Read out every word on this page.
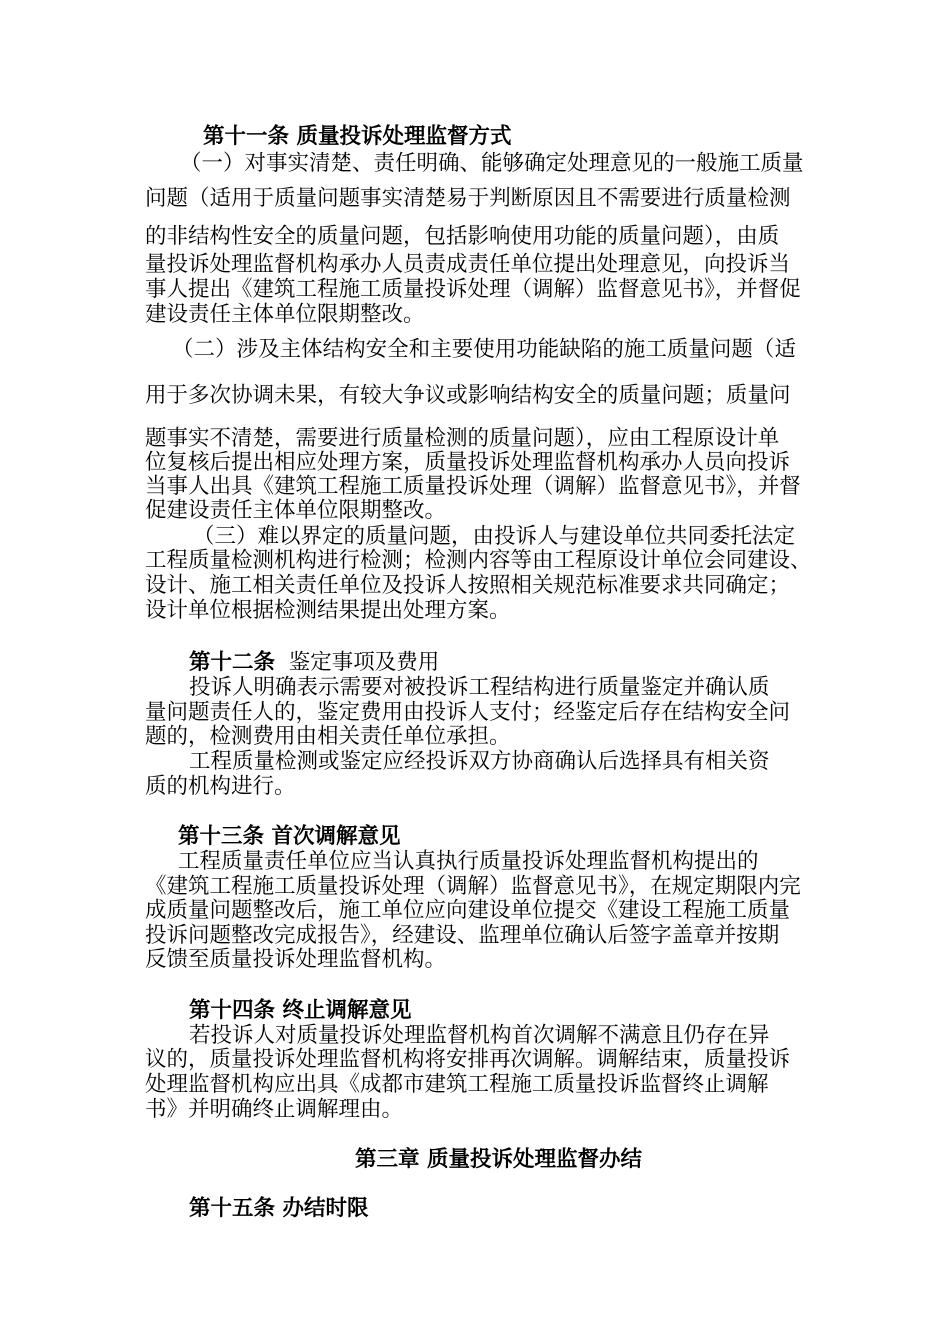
第十一条 质量投诉处理监督方式
（一）对事实清楚、责任明确、能够确定处理意见的一般施工质量
问题（适
用
于
质量问题事实清楚易于判断原因且不需要进行质量检测
的非结构性安全的质量问题，包括影响使用功能的质量问题），由质
量投诉处理监督机构承办人员责成责任单位提出处理意见，向投诉当
事人提出《建筑工程施工质量投诉处理（调解）监督意见书》，并督促
建设责任主体单位限期整改。
（二）涉及主体结构安全和主要使用功能缺陷的施工质量问题（适
用
于
多次协调未果，有较大争议或影响结构安全的质量问题；质量问
题事实不清楚，需要进行质量检测的质量问题），应由工程原设计单
位复核后提出相应处理方案，质量投诉处理监督机构承办人员向投诉
当事人出具《建筑工程施工质量投诉处理（调解）监督意见书》，并督
促建设责任主体单位限期整改。
（三）难以界定的质量问题，由投诉人与建设单位共同委托法定
工程质量检测机构进行检测；检测内容等由工程原设计单位会同建设、
设计、施工相关责任单位及投诉人按照相关规范标准要求共同确定；
设计单位根据检测结果提出处理方案。
第十二条 鉴定事项及费用
投诉人明确表示需要对被投诉工程结构进行质量鉴定并确认质
量问题责任人的，鉴定费用由投诉人支付；经鉴定后存在结构安全问
题的，检测费用由相关责任单位承担。
工程质量检测或鉴定应经投诉双方协商确认后选择具有相关资
质的机构进行。
第十三条 首次调解意见
工程质量责任单位应当认真执行质量投诉处理监督机构提出的
《建筑工程施工质量投诉处理（调解）监督意见书》，在规定期限内完
成质量问题整改后，施工单位应向建设单位提交《建设工程施工质量
投诉问题整改完成报告》，经建设、监理单位确认后签字盖章并按期
反馈至质量投诉处理监督机构。
第十四条 终止调解意见
若投诉人对质量投诉处理监督机构首次调解不满意且仍存在异
议的，质量投诉处理监督机构将安排再次调解。调解结束，质量投诉
处理监督机构应出具《成都市建筑工程施工质量投诉监督终止调解
书》并明确终止调解理由。
第三章 质量投诉处理监督办结
第十五条 办结时限
